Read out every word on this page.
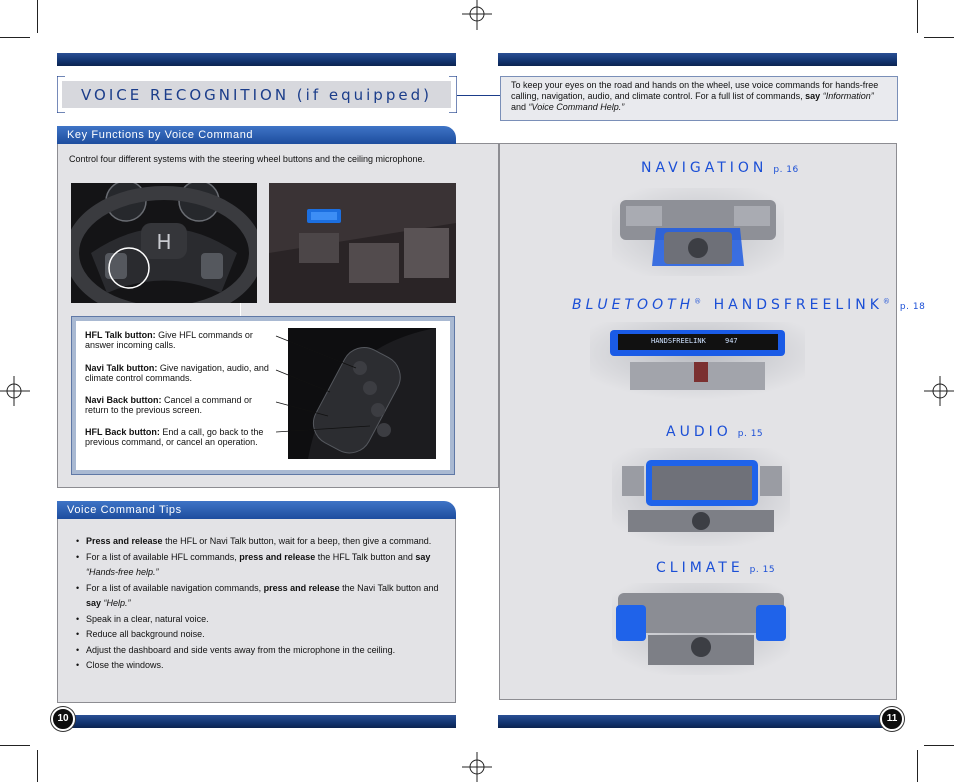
10	11
VOICE RECOGNITION (if equipped)
To keep your eyes on the road and hands on the wheel, use voice commands for hands-free calling, navigation, audio, and climate control. For a full list of commands, say “Information” and “Voice Command Help.”
Key Functions by Voice Command
Control four different systems with the steering wheel buttons and the ceiling microphone.
H
HFL Talk button: Give HFL commands or answer incoming calls.
Navi Talk button: Give navigation, audio, and climate control commands.
Navi Back button: Cancel a command or return to the previous screen.
HFL Back button: End a call, go back to the previous command, or cancel an operation.
Voice Command Tips
• Press and release the HFL or Navi Talk button, wait for a beep, then give a command.
• For a list of available HFL commands, press and release the HFL Talk button and say “Hands-free help.”
• For a list of available navigation commands, press and release the Navi Talk button and say “Help.”
• Speak in a clear, natural voice.
• Reduce all background noise.
• Adjust the dashboard and side vents away from the microphone in the ceiling.
• Close the windows.
NAVIGATION p. 16
BLUETOOTH® HANDSFREELINK®p. 18
HANDSFREELINK	947
AUDIO p. 15
CLIMATE p. 15
